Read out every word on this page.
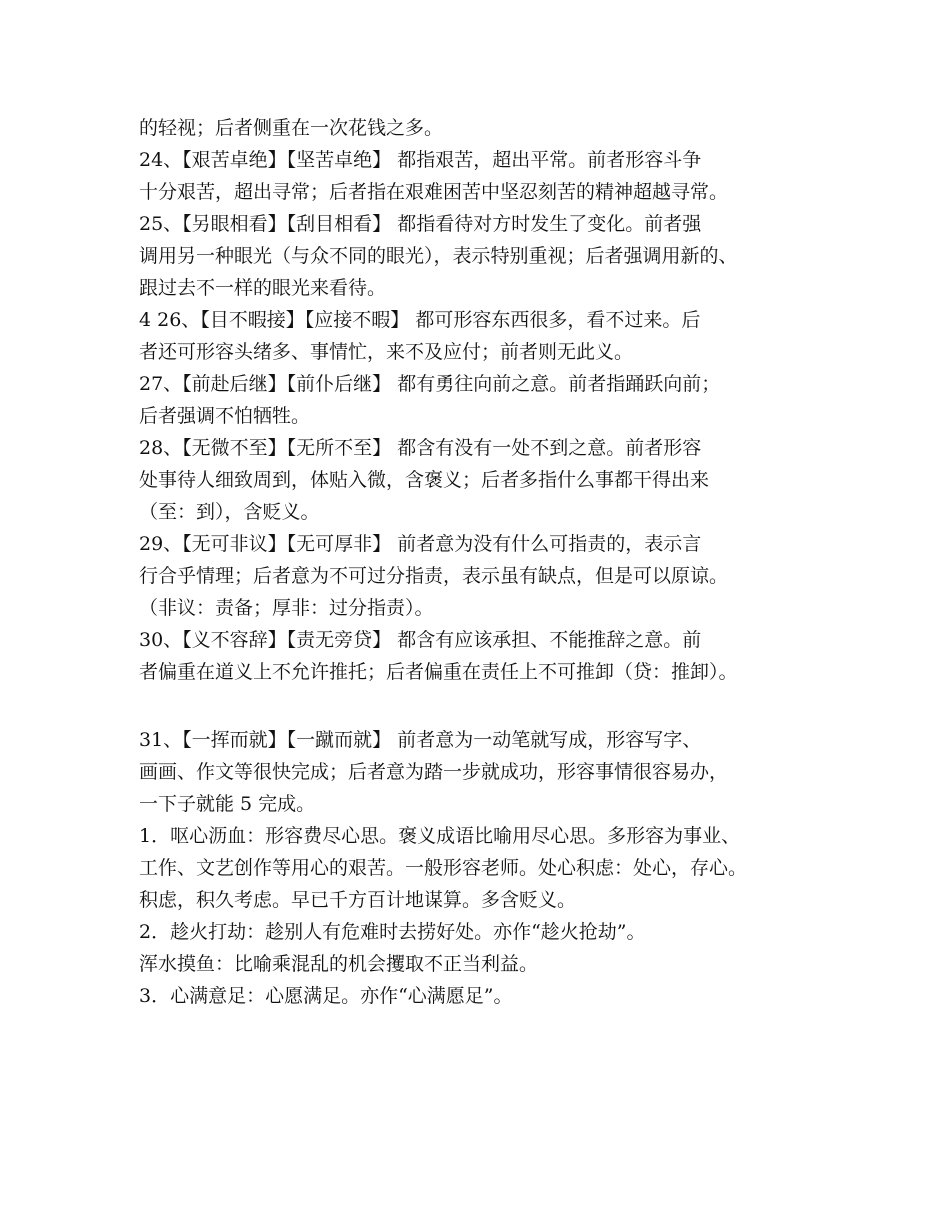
的轻视；后者侧重在一次花钱之多。
24、【艰苦卓绝】【坚苦卓绝】 都指艰苦，超出平常。前者形容斗争
十分艰苦，超出寻常；后者指在艰难困苦中坚忍刻苦的精神超越寻常。
25、【另眼相看】【刮目相看】 都指看待对方时发生了变化。前者强
调用另一种眼光（与众不同的眼光），表示特别重视；后者强调用新的、
跟过去不一样的眼光来看待。
4 26、【目不暇接】【应接不暇】 都可形容东西很多，看不过来。后
者还可形容头绪多、事情忙，来不及应付；前者则无此义。
27、【前赴后继】【前仆后继】 都有勇往向前之意。前者指踊跃向前；
后者强调不怕牺牲。
28、【无微不至】【无所不至】 都含有没有一处不到之意。前者形容
处事待人细致周到，体贴入微，含褒义；后者多指什么事都干得出来
（至：到），含贬义。
29、【无可非议】【无可厚非】 前者意为没有什么可指责的，表示言
行合乎情理；后者意为不可过分指责，表示虽有缺点，但是可以原谅。
（非议：责备；厚非：过分指责）。
30、【义不容辞】【责无旁贷】 都含有应该承担、不能推辞之意。前
者偏重在道义上不允许推托；后者偏重在责任上不可推卸（贷：推卸）。
31、【一挥而就】【一蹴而就】 前者意为一动笔就写成，形容写字、
画画、作文等很快完成；后者意为踏一步就成功，形容事情很容易办，
一下子就能 5 完成。
1．呕心沥血：形容费尽心思。褒义成语比喻用尽心思。多形容为事业、
工作、文艺创作等用心的艰苦。一般形容老师。处心积虑：处心，存心。
积虑，积久考虑。早已千方百计地谋算。多含贬义。
2．趁火打劫：趁别人有危难时去捞好处。亦作“趁火抢劫”。
浑水摸鱼：比喻乘混乱的机会攫取不正当利益。
3．心满意足：心愿满足。亦作“心满愿足”。
